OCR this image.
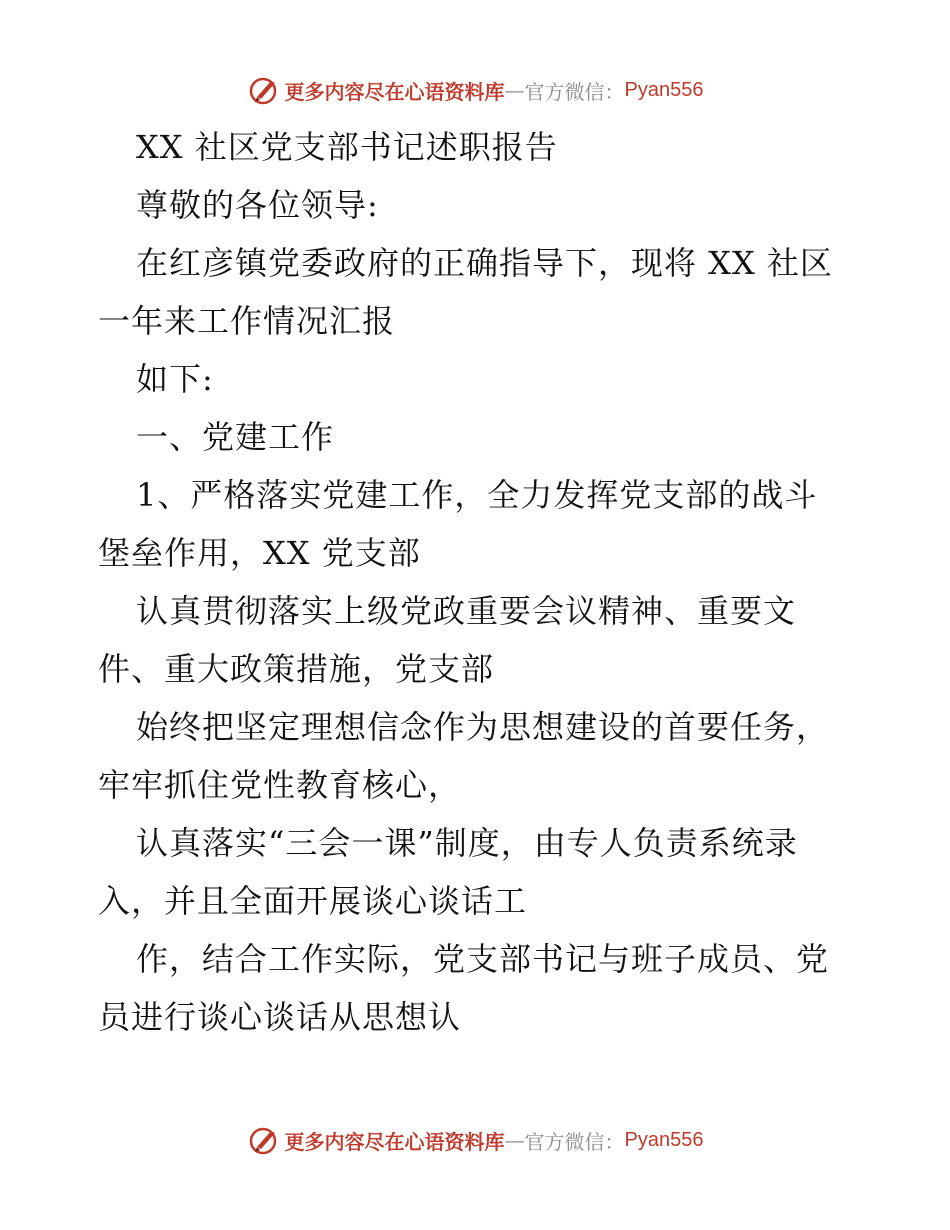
更多内容尽在心语资料库 — 官方微信： Pyan556
XX 社区党支部书记述职报告
尊敬的各位领导:
在红彦镇党委政府的正确指导下，现将 XX 社区
一年来工作情况汇报
如下:
一、党建工作
1、严格落实党建工作，全力发挥党支部的战斗
堡垒作用，XX 党支部
认真贯彻落实上级党政重要会议精神、重要文
件、重大政策措施，党支部
始终把坚定理想信念作为思想建设的首要任务，
牢牢抓住党性教育核心，
认真落实“三会一课”制度，由专人负责系统录
入，并且全面开展谈心谈话工
作，结合工作实际，党支部书记与班子成员、党
员进行谈心谈话从思想认
更多内容尽在心语资料库 — 官方微信： Pyan556
